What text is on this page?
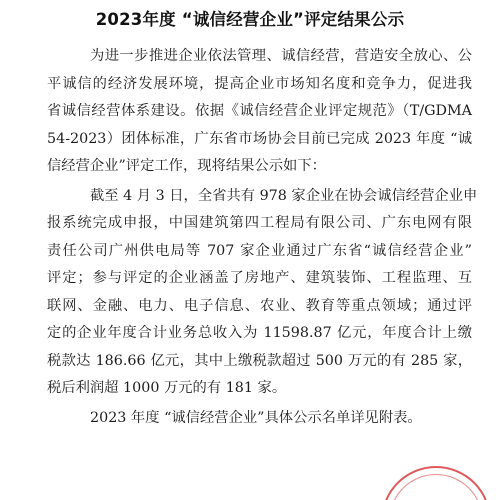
2023年度 “诚信经营企业”评定结果公示
为进一步推进企业依法管理、诚信经营，营造安全放心、公
平诚信的经济发展环境，提高企业市场知名度和竞争力，促进我
省诚信经营体系建设。依据《诚信经营企业评定规范》（T/GDMA
54-2023）团体标准，广东省市场协会目前已完成 2023 年度 “诚
信经营企业”评定工作，现将结果公示如下：
截至 4 月 3 日，全省共有 978 家企业在协会诚信经营企业申
报系统完成申报，中国建筑第四工程局有限公司、广东电网有限
责任公司广州供电局等 707 家企业通过广东省“诚信经营企业”
评定；参与评定的企业涵盖了房地产、建筑装饰、工程监理、互
联网、金融、电力、电子信息、农业、教育等重点领域；通过评
定的企业年度合计业务总收入为 11598.87 亿元，年度合计上缴
税款达 186.66 亿元，其中上缴税款超过 500 万元的有 285 家，
税后利润超 1000 万元的有 181 家。
2023 年度 “诚信经营企业”具体公示名单详见附表。
